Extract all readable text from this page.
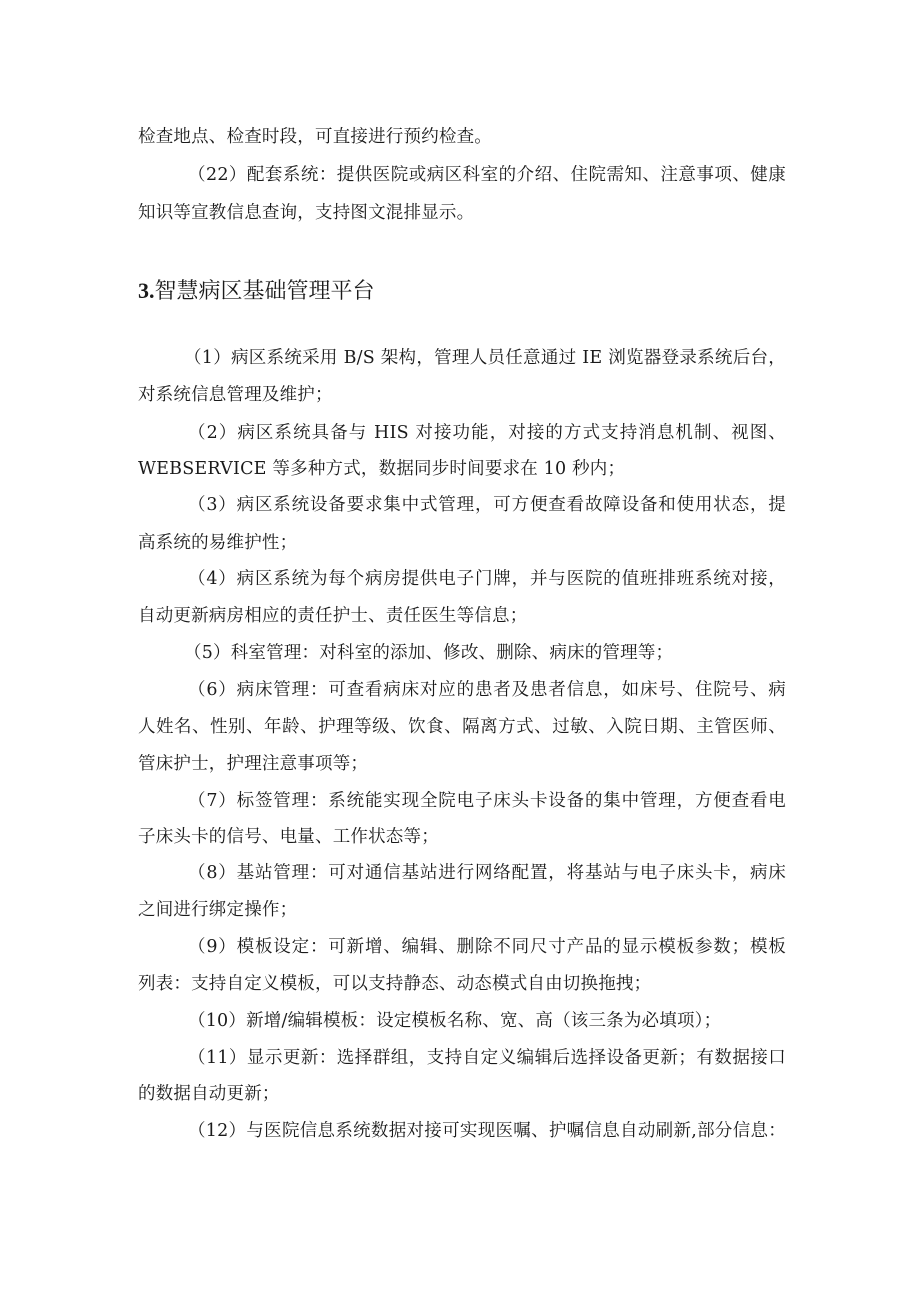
检查地点、检查时段，可直接进行预约检查。
（22）配套系统：提供医院或病区科室的介绍、住院需知、注意事项、健康
知识等宣教信息查询，支持图文混排显示。
3.智慧病区基础管理平台
（1）病区系统采用 B/S 架构，管理人员任意通过 IE 浏览器登录系统后台，
对系统信息管理及维护；
（2）病区系统具备与 HIS 对接功能，对接的方式支持消息机制、视图、
WEBSERVICE 等多种方式，数据同步时间要求在 10 秒内；
（3）病区系统设备要求集中式管理，可方便查看故障设备和使用状态，提
高系统的易维护性；
（4）病区系统为每个病房提供电子门牌，并与医院的值班排班系统对接，
自动更新病房相应的责任护士、责任医生等信息；
（5）科室管理：对科室的添加、修改、删除、病床的管理等；
（6）病床管理：可查看病床对应的患者及患者信息，如床号、住院号、病
人姓名、性别、年龄、护理等级、饮食、隔离方式、过敏、入院日期、主管医师、
管床护士，护理注意事项等；
（7）标签管理：系统能实现全院电子床头卡设备的集中管理，方便查看电
子床头卡的信号、电量、工作状态等；
（8）基站管理：可对通信基站进行网络配置，将基站与电子床头卡，病床
之间进行绑定操作；
（9）模板设定：可新增、编辑、删除不同尺寸产品的显示模板参数；模板
列表：支持自定义模板，可以支持静态、动态模式自由切换拖拽；
（10）新增/编辑模板：设定模板名称、宽、高（该三条为必填项）；
（11）显示更新：选择群组，支持自定义编辑后选择设备更新；有数据接口
的数据自动更新；
（12）与医院信息系统数据对接可实现医嘱、护嘱信息自动刷新,部分信息：
